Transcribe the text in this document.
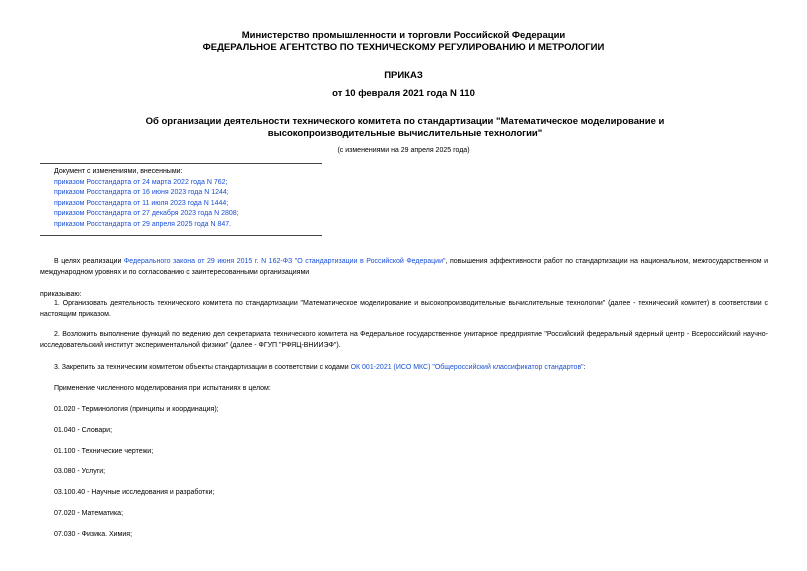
Министерство промышленности и торговли Российской Федерации
ФЕДЕРАЛЬНОЕ АГЕНТСТВО ПО ТЕХНИЧЕСКОМУ РЕГУЛИРОВАНИЮ И МЕТРОЛОГИИ
ПРИКАЗ
от 10 февраля 2021 года N 110
Об организации деятельности технического комитета по стандартизации "Математическое моделирование и высокопроизводительные вычислительные технологии"
(с изменениями на 29 апреля 2025 года)
Документ с изменениями, внесенными:
приказом Росстандарта от 24 марта 2022 года N 762;
приказом Росстандарта от 16 июня 2023 года N 1244;
приказом Росстандарта от 11 июля 2023 года N 1444;
приказом Росстандарта от 27 декабря 2023 года N 2808;
приказом Росстандарта от 29 апреля 2025 года N 847.
В целях реализации Федерального закона от 29 июня 2015 г. N 162-ФЗ "О стандартизации в Российской Федерации", повышения эффективности работ по стандартизации на национальном, межгосударственном и международном уровнях и по согласованию с заинтересованными организациями
приказываю:
1. Организовать деятельность технического комитета по стандартизации "Математическое моделирование и высокопроизводительные вычислительные технологии" (далее - технический комитет) в соответствии с настоящим приказом.
2. Возложить выполнение функций по ведению дел секретариата технического комитета на Федеральное государственное унитарное предприятие "Российский федеральный ядерный центр - Всероссийский научно-исследовательский институт экспериментальной физики" (далее - ФГУП "РФЯЦ-ВНИИЭФ").
3. Закрепить за техническим комитетом объекты стандартизации в соответствии с кодами ОК 001-2021 (ИСО МКС) "Общероссийский классификатор стандартов":
Применение численного моделирования при испытаниях в целом:
01.020 - Терминология (принципы и координация);
01.040 - Словари;
01.100 - Технические чертежи;
03.080 - Услуги;
03.100.40 - Научные исследования и разработки;
07.020 - Математика;
07.030 - Физика. Химия;
